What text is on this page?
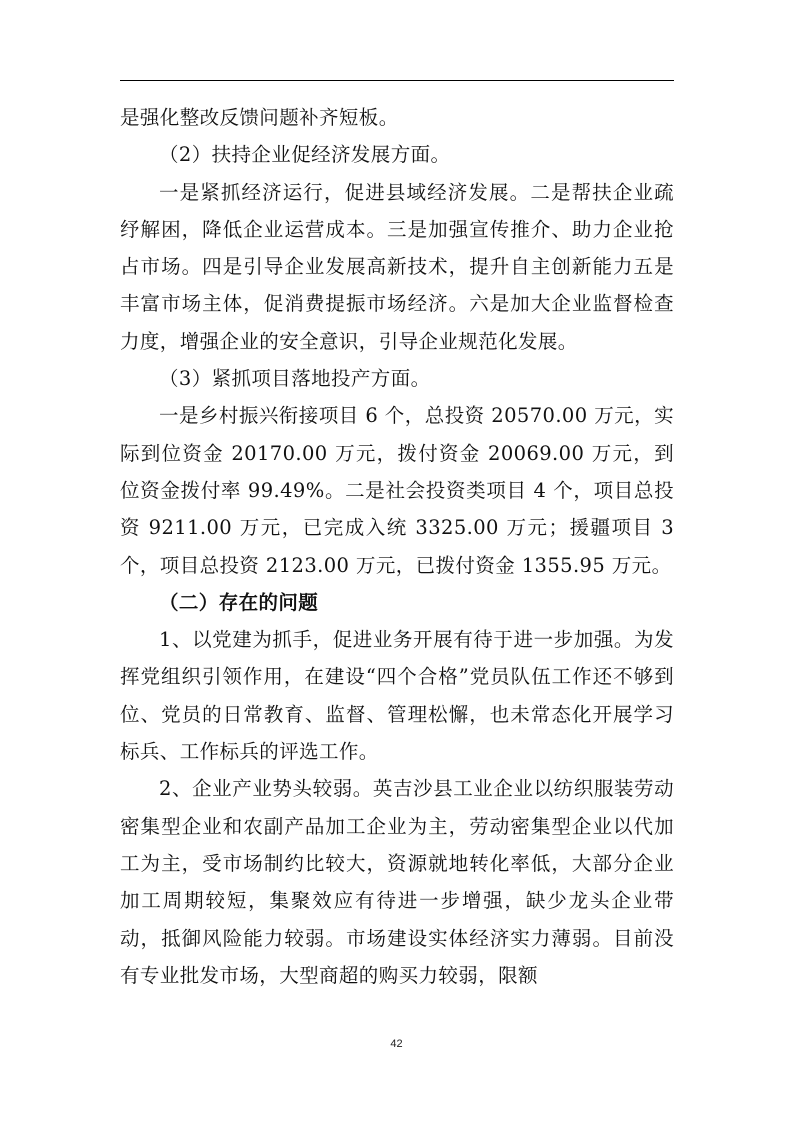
是强化整改反馈问题补齐短板。

（2）扶持企业促经济发展方面。

一是紧抓经济运行，促进县域经济发展。二是帮扶企业疏纾解困，降低企业运营成本。三是加强宣传推介、助力企业抢占市场。四是引导企业发展高新技术，提升自主创新能力五是丰富市场主体，促消费提振市场经济。六是加大企业监督检查力度，增强企业的安全意识，引导企业规范化发展。

（3）紧抓项目落地投产方面。

一是乡村振兴衔接项目 6 个，总投资 20570.00 万元，实际到位资金 20170.00 万元，拨付资金 20069.00 万元，到位资金拨付率 99.49%。二是社会投资类项目 4 个，项目总投资 9211.00 万元，已完成入统 3325.00 万元；援疆项目 3 个，项目总投资 2123.00 万元，已拨付资金 1355.95 万元。

（二）存在的问题

1、以党建为抓手，促进业务开展有待于进一步加强。为发挥党组织引领作用，在建设“四个合格”党员队伍工作还不够到位、党员的日常教育、监督、管理松懈，也未常态化开展学习标兵、工作标兵的评选工作。

2、企业产业势头较弱。英吉沙县工业企业以纺织服装劳动密集型企业和农副产品加工企业为主，劳动密集型企业以代加工为主，受市场制约比较大，资源就地转化率低，大部分企业加工周期较短，集聚效应有待进一步增强，缺少龙头企业带动，抵御风险能力较弱。市场建设实体经济实力薄弱。目前没有专业批发市场，大型商超的购买力较弱，限额

42
